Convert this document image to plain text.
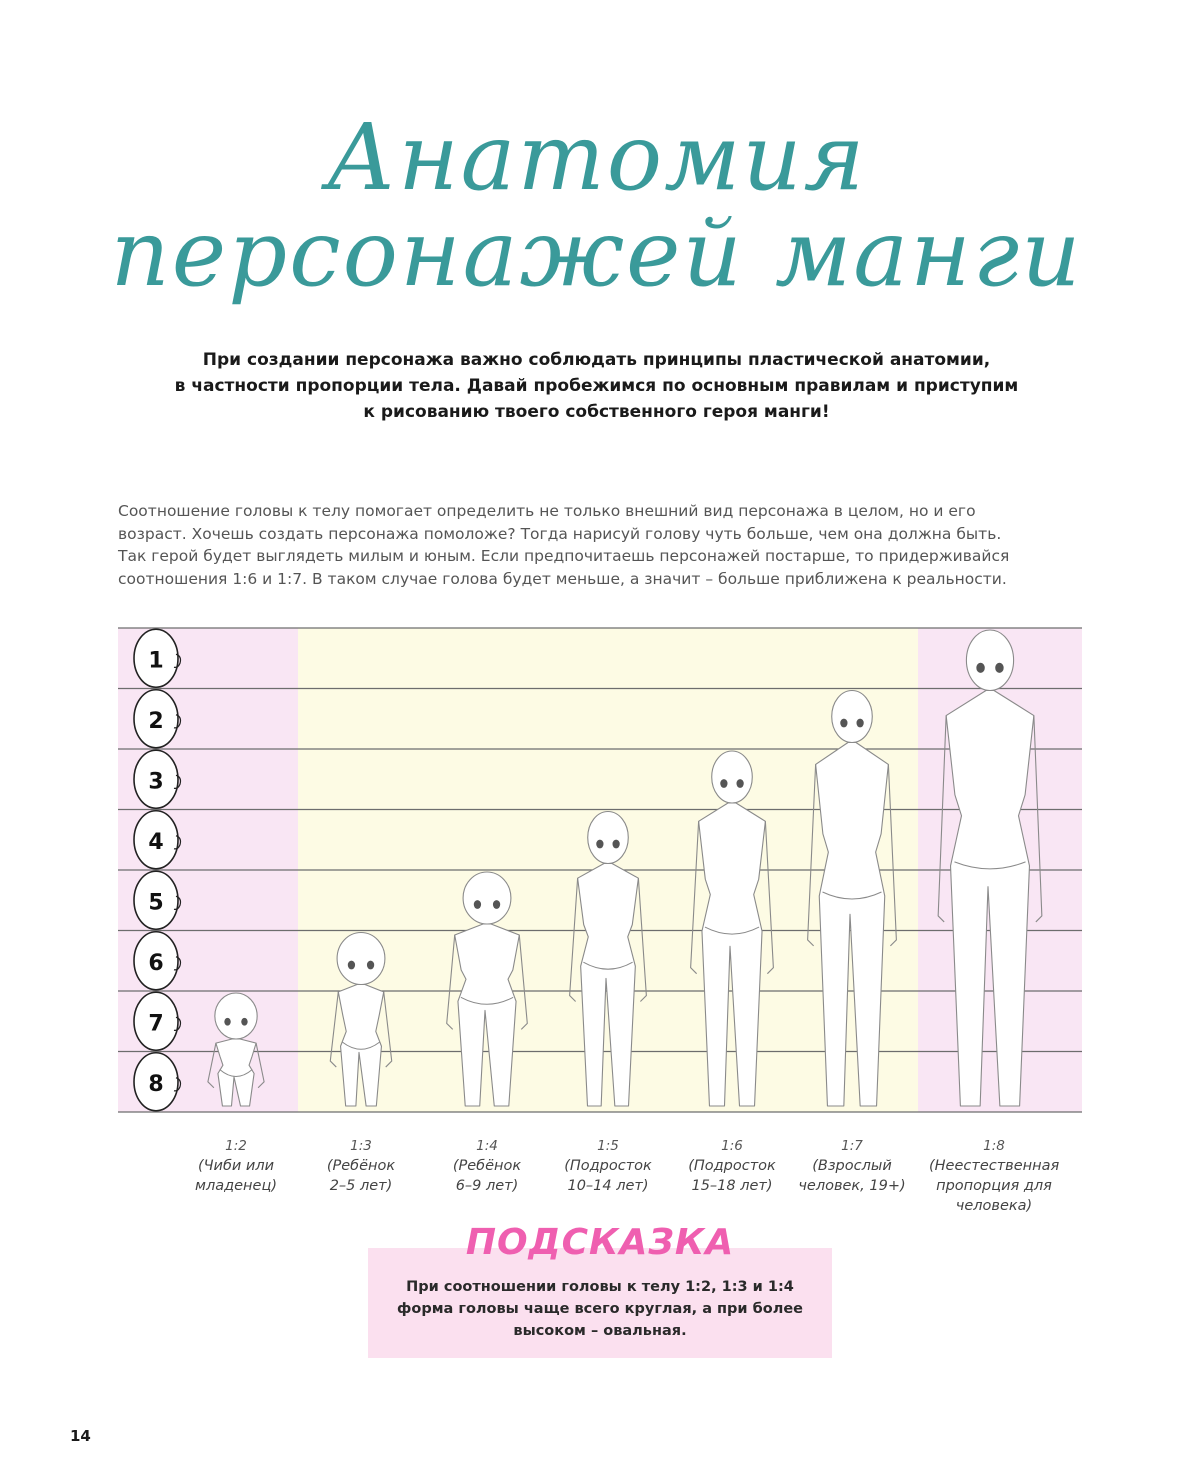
Анатомия
персонажей манги
При создании персонажа важно соблюдать принципы пластической анатомии,
в частности пропорции тела. Давай пробежимся по основным правилам и приступим
к рисованию твоего собственного героя манги!
Соотношение головы к телу помогает определить не только внешний вид персонажа в целом, но и его
возраст. Хочешь создать персонажа помоложе? Тогда нарисуй голову чуть больше, чем она должна быть.
Так герой будет выглядеть милым и юным. Если предпочитаешь персонажей постарше, то придерживайся
соотношения 1:6 и 1:7. В таком случае голова будет меньше, а значит – больше приближена к реальности.
1
2
3
4
5
6
7
8
1:2
(Чиби или
младенец)
1:3
(Ребёнок
2–5 лет)
1:4
(Ребёнок
6–9 лет)
1:5
(Подросток
10–14 лет)
1:6
(Подросток
15–18 лет)
1:7
(Взрослый
человек, 19+)
1:8
(Неестественная
пропорция для
человека)
ПОДСКАЗКА
При соотношении головы к телу 1:2, 1:3 и 1:4
форма головы чаще всего круглая, а при более
высоком – овальная.
14
